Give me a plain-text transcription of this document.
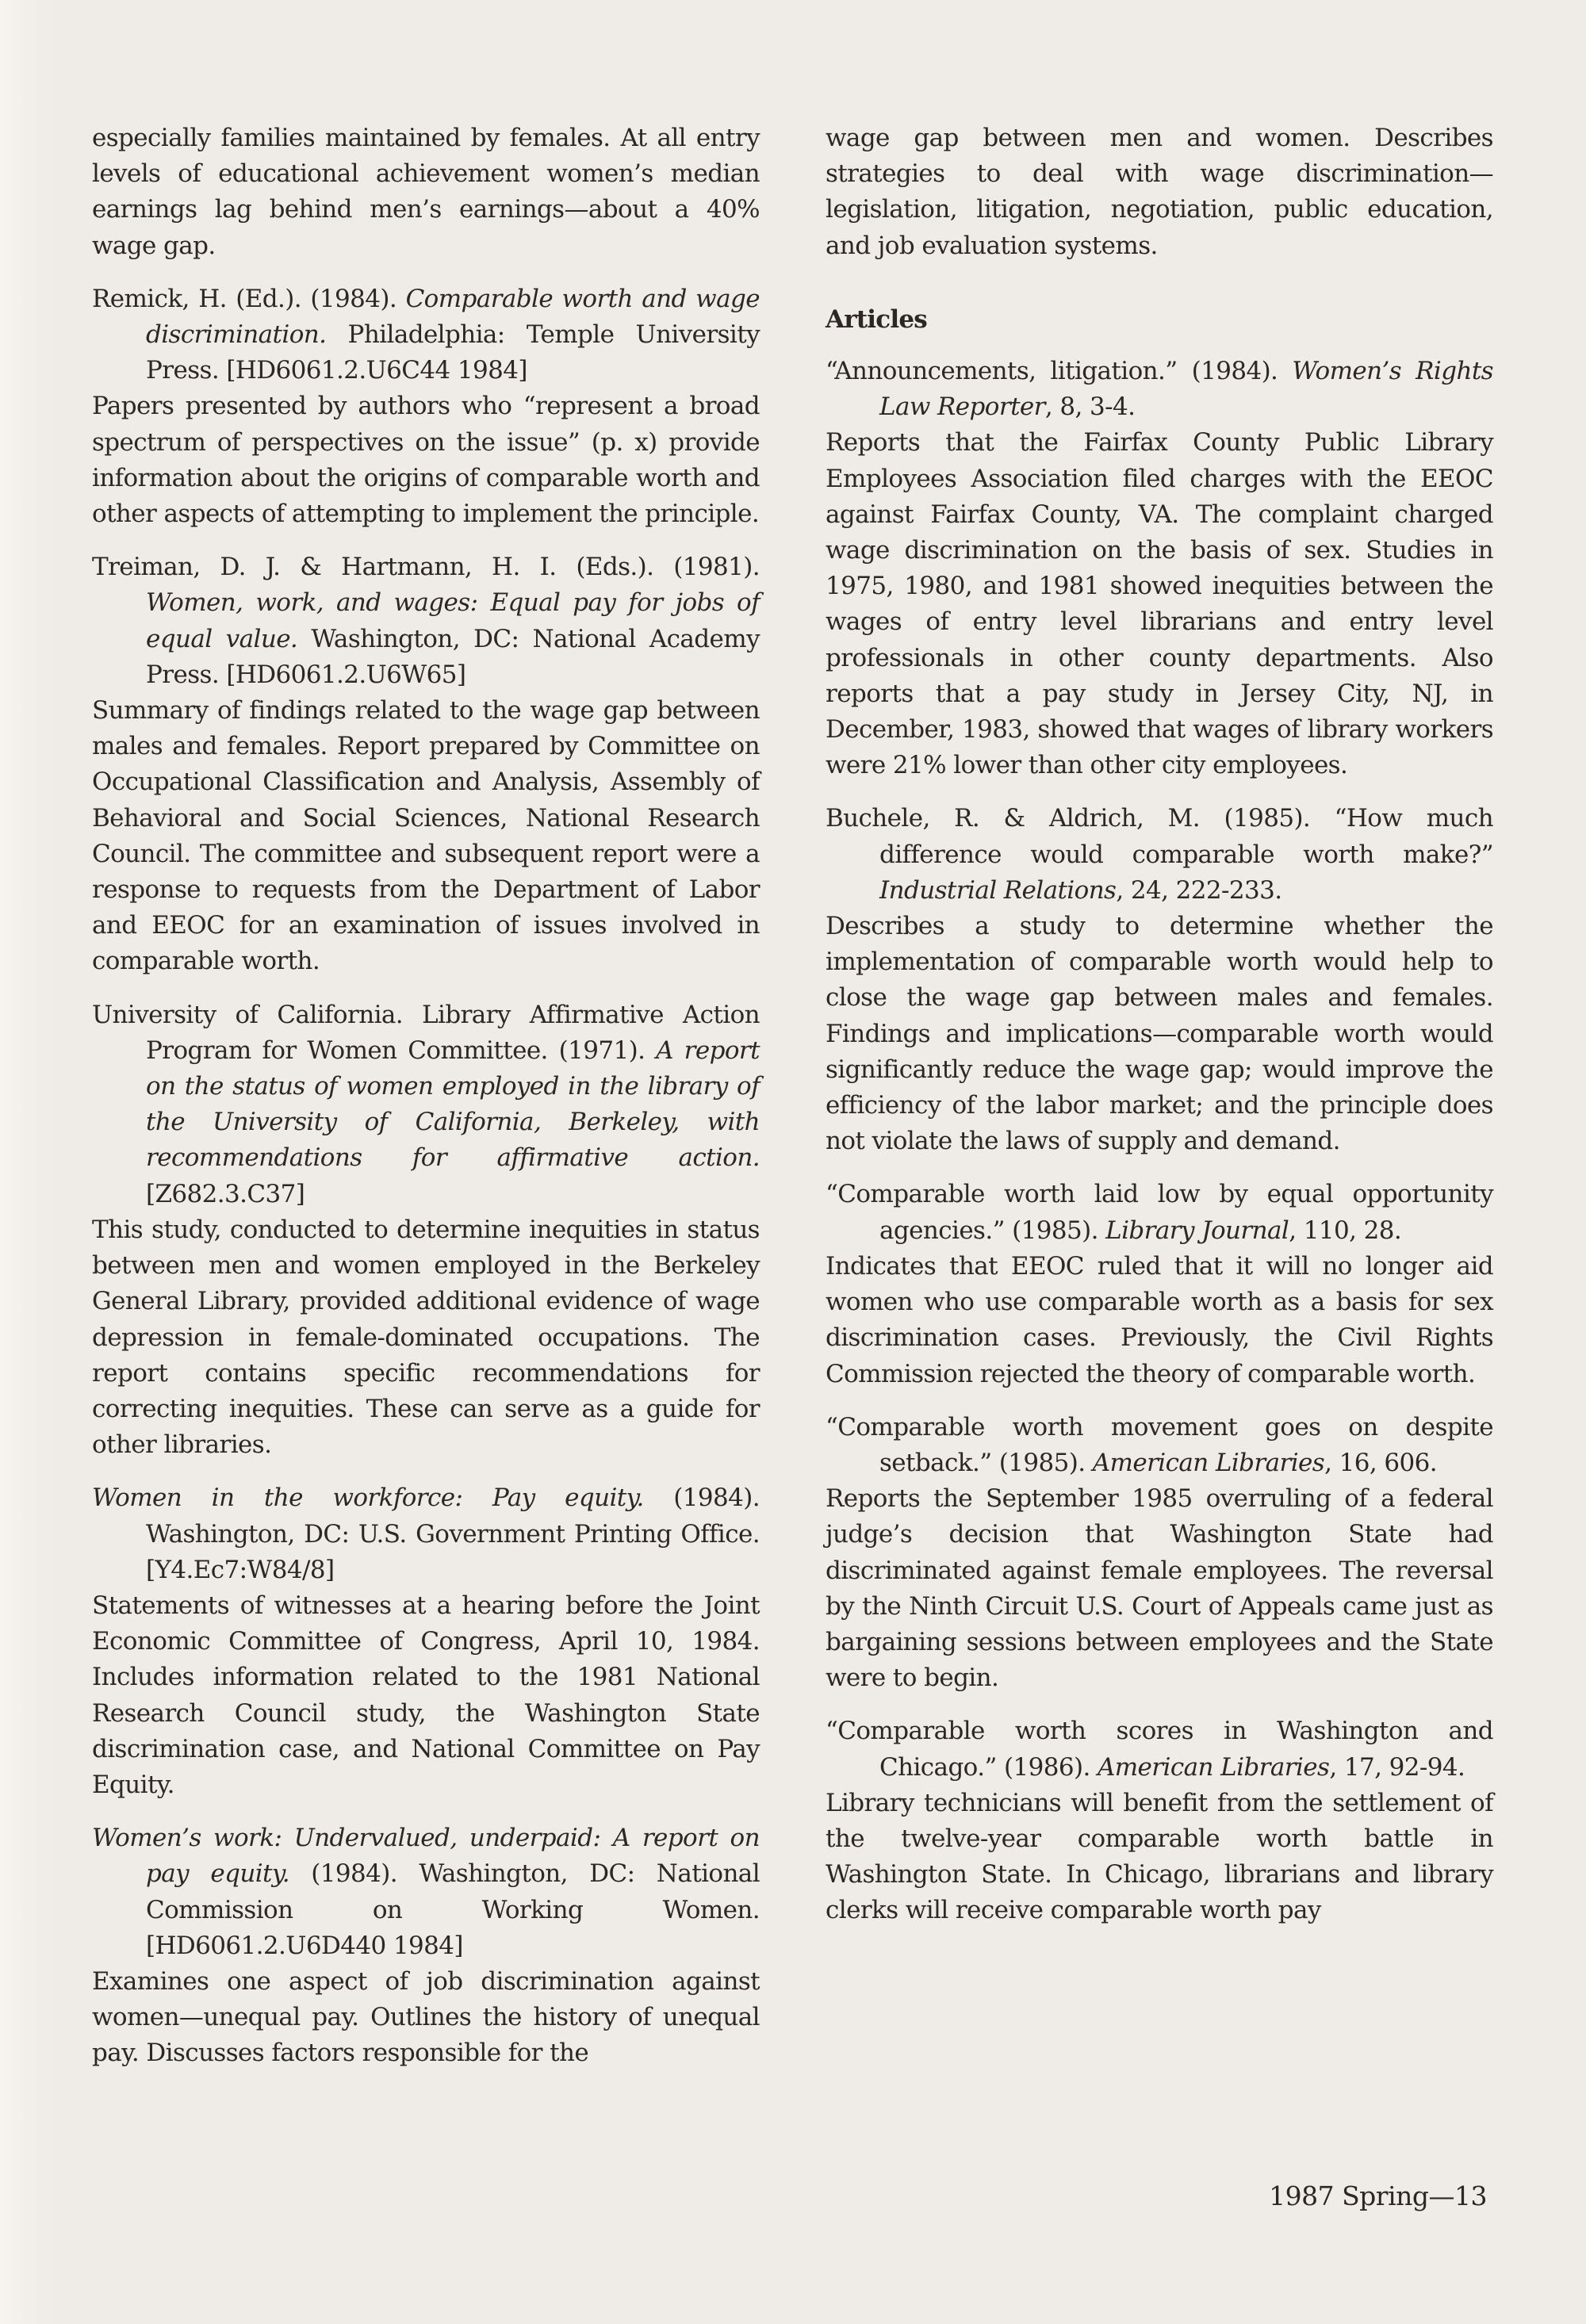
especially families maintained by females. At all entry levels of educational achievement women’s median earnings lag behind men’s earnings—about a 40% wage gap.

Remick, H. (Ed.). (1984). Comparable worth and wage discrimination. Philadelphia: Temple University Press. [HD6061.2.U6C44 1984]

Papers presented by authors who “represent a broad spectrum of perspectives on the issue” (p. x) provide information about the origins of comparable worth and other aspects of attempting to implement the principle.

Treiman, D. J. & Hartmann, H. I. (Eds.). (1981). Women, work, and wages: Equal pay for jobs of equal value. Washington, DC: National Academy Press. [HD6061.2.U6W65]

Summary of findings related to the wage gap between males and females. Report prepared by Committee on Occupational Classification and Analysis, Assembly of Behavioral and Social Sciences, National Research Council. The committee and subsequent report were a response to requests from the Department of Labor and EEOC for an examination of issues involved in comparable worth.

University of California. Library Affirmative Action Program for Women Committee. (1971). A report on the status of women employed in the library of the University of California, Berkeley, with recommendations for affirmative action. [Z682.3.C37]

This study, conducted to determine inequities in status between men and women employed in the Berkeley General Library, provided additional evidence of wage depression in female-dominated occupations. The report contains specific recommendations for correcting inequities. These can serve as a guide for other libraries.

Women in the workforce: Pay equity. (1984). Washington, DC: U.S. Government Printing Office. [Y4.Ec7:W84/8]

Statements of witnesses at a hearing before the Joint Economic Committee of Congress, April 10, 1984. Includes information related to the 1981 National Research Council study, the Washington State discrimination case, and National Committee on Pay Equity.

Women’s work: Undervalued, underpaid: A report on pay equity. (1984). Washington, DC: National Commission on Working Women. [HD6061.2.U6D440 1984]

Examines one aspect of job discrimination against women—unequal pay. Outlines the history of unequal pay. Discusses factors responsible for the

wage gap between men and women. Describes strategies to deal with wage discrimination—legislation, litigation, negotiation, public education, and job evaluation systems.

Articles

“Announcements, litigation.” (1984). Women’s Rights Law Reporter, 8, 3-4.

Reports that the Fairfax County Public Library Employees Association filed charges with the EEOC against Fairfax County, VA. The complaint charged wage discrimination on the basis of sex. Studies in 1975, 1980, and 1981 showed inequities between the wages of entry level librarians and entry level professionals in other county departments. Also reports that a pay study in Jersey City, NJ, in December, 1983, showed that wages of library workers were 21% lower than other city employees.

Buchele, R. & Aldrich, M. (1985). “How much difference would comparable worth make?” Industrial Relations, 24, 222-233.

Describes a study to determine whether the implementation of comparable worth would help to close the wage gap between males and females. Findings and implications—comparable worth would significantly reduce the wage gap; would improve the efficiency of the labor market; and the principle does not violate the laws of supply and demand.

“Comparable worth laid low by equal opportunity agencies.” (1985). Library Journal, 110, 28.

Indicates that EEOC ruled that it will no longer aid women who use comparable worth as a basis for sex discrimination cases. Previously, the Civil Rights Commission rejected the theory of comparable worth.

“Comparable worth movement goes on despite setback.” (1985). American Libraries, 16, 606.

Reports the September 1985 overruling of a federal judge’s decision that Washington State had discriminated against female employees. The reversal by the Ninth Circuit U.S. Court of Appeals came just as bargaining sessions between employees and the State were to begin.

“Comparable worth scores in Washington and Chicago.” (1986). American Libraries, 17, 92-94.

Library technicians will benefit from the settlement of the twelve-year comparable worth battle in Washington State. In Chicago, librarians and library clerks will receive comparable worth pay

1987 Spring—13
